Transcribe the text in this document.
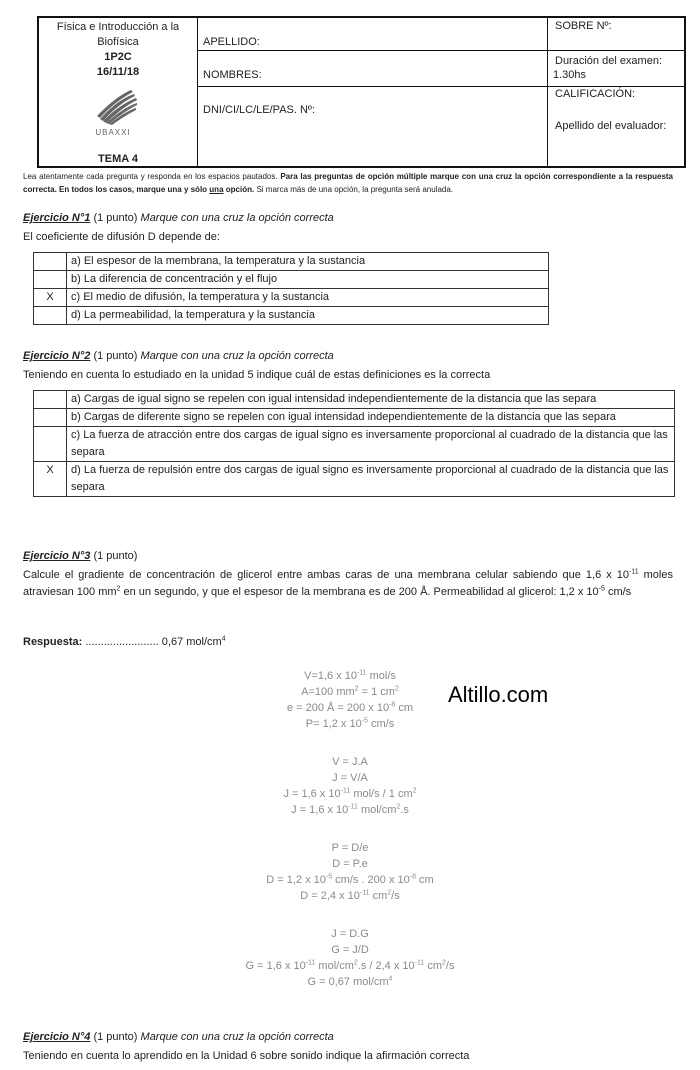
Física e Introducción a la
Biofísica
1P2C
16/11/18
UBAXXI
TEMA 4
APELLIDO:
NOMBRES:
DNI/CI/LC/LE/PAS. Nº:
SOBRE Nº:
Duración del examen:
1.30hs
CALIFICACIÓN:
Apellido del evaluador:
Lea atentamente cada pregunta y responda en los espacios pautados. Para las preguntas de opción múltiple marque con una cruz la opción correspondiente a la respuesta correcta. En todos los casos, marque una y sólo una opción. Si marca más de una opción, la pregunta será anulada.
Ejercicio N°1 (1 punto) Marque con una cruz la opción correcta
El coeficiente de difusión D depende de:
	a) El espesor de la membrana, la temperatura y la sustancia
	b) La diferencia de concentración y el flujo
X	c) El medio de difusión, la temperatura y la sustancia
	d) La permeabilidad, la temperatura y la sustancia
Ejercicio N°2 (1 punto) Marque con una cruz la opción correcta
Teniendo en cuenta lo estudiado en la unidad 5 indique cuál de estas definiciones es la correcta
	a) Cargas de igual signo se repelen con igual intensidad independientemente de la distancia que las separa
	b) Cargas de diferente signo se repelen con igual intensidad independientemente de la distancia que las separa
	c) La fuerza de atracción entre dos cargas de igual signo es inversamente proporcional al cuadrado de la distancia que las separa
X	d) La fuerza de repulsión entre dos cargas de igual signo es inversamente proporcional al cuadrado de la distancia que las separa
Ejercicio N°3 (1 punto)
Calcule el gradiente de concentración de glicerol entre ambas caras de una membrana celular sabiendo que 1,6 x $10^{-11}$ moles atraviesan 100 $mm^2$ en un segundo, y que el espesor de la membrana es de 200 Å. Permeabilidad al glicerol: 1,2 x $10^{-5}$ cm/s
Respuesta: ........................ 0,67 mol/$cm^4$
V=1,6 x $10^{-11}$ mol/s
A=100 $mm^2 = 1$ $cm^2$
e = 200 Å = 200 x $10^{-8}$ cm
P= 1,2 x $10^{-5}$ cm/s
V = J.A
J = V/A
J = 1,6 x $10^{-11}$ mol/s / 1 $cm^2$
J = 1,6 x $10^{-11}$ mol/$cm^2.s$
P = D/e
D = P.e
D = 1,2 x $10^{-5}$ cm/s . 200 x $10^{-8}$ cm
D = 2,4 x $10^{-11}$ $cm^2/s$
J = D.G
G = J/D
G = 1,6 x $10^{-11}$ mol/$cm^2.s / 2,4$ x $10^{-11}$ $cm^2/s$
G = 0,67 mol/$cm^4$
Altillo.com
Ejercicio N°4 (1 punto) Marque con una cruz la opción correcta
Teniendo en cuenta lo aprendido en la Unidad 6 sobre sonido indique la afirmación correcta
